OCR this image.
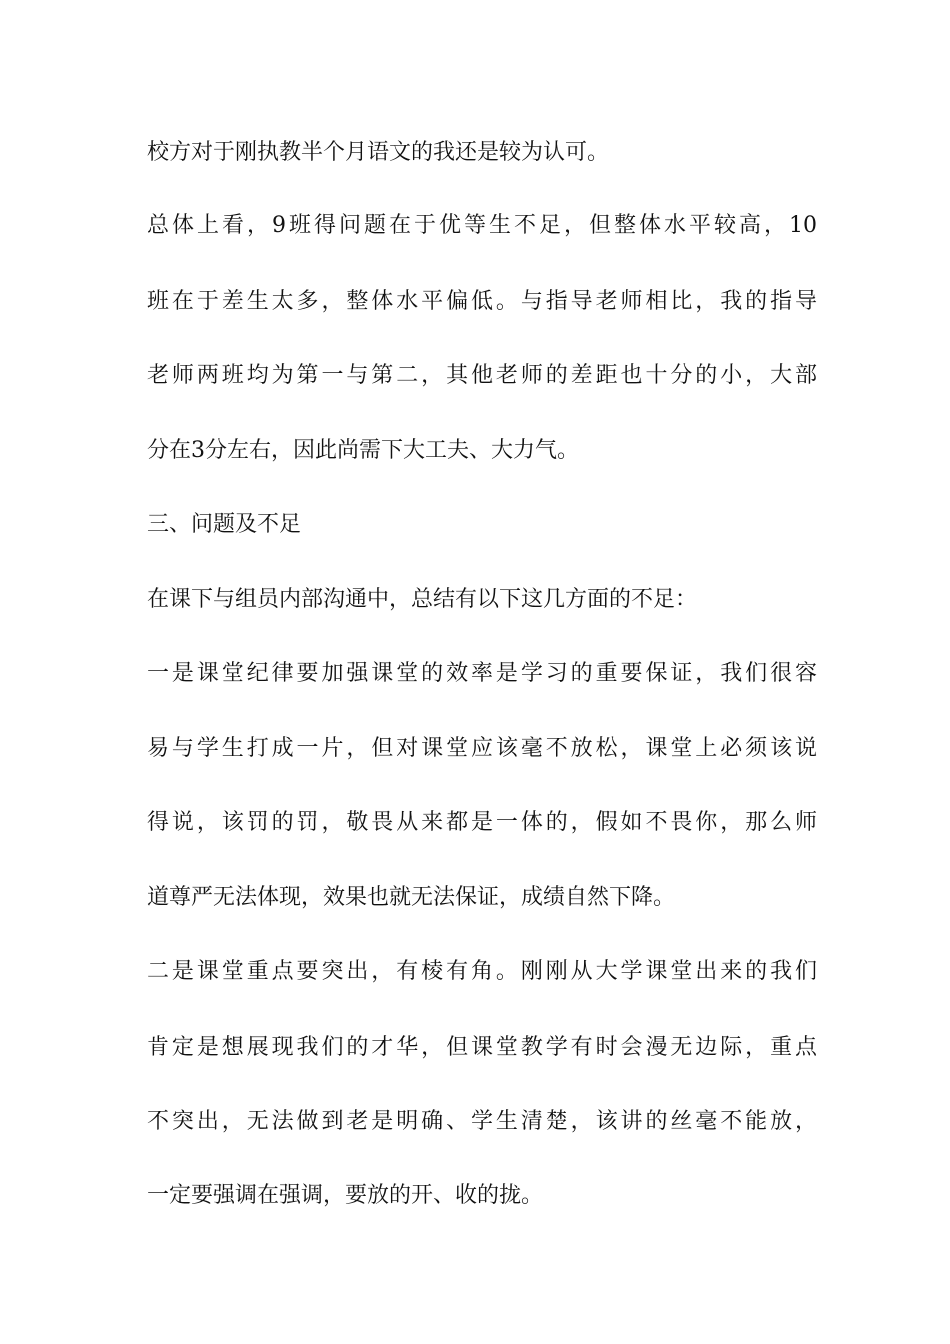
校方对于刚执教半个月语文的我还是较为认可。
总体上看，9班得问题在于优等生不足，但整体水平较高，10
班在于差生太多，整体水平偏低。与指导老师相比，我的指导
老师两班均为第一与第二，其他老师的差距也十分的小，大部
分在3分左右，因此尚需下大工夫、大力气。
三、问题及不足
在课下与组员内部沟通中，总结有以下这几方面的不足：
一是课堂纪律要加强课堂的效率是学习的重要保证，我们很容
易与学生打成一片，但对课堂应该毫不放松，课堂上必须该说
得说，该罚的罚，敬畏从来都是一体的，假如不畏你，那么师
道尊严无法体现，效果也就无法保证，成绩自然下降。
二是课堂重点要突出，有棱有角。刚刚从大学课堂出来的我们
肯定是想展现我们的才华，但课堂教学有时会漫无边际，重点
不突出，无法做到老是明确、学生清楚，该讲的丝毫不能放，
一定要强调在强调，要放的开、收的拢。
